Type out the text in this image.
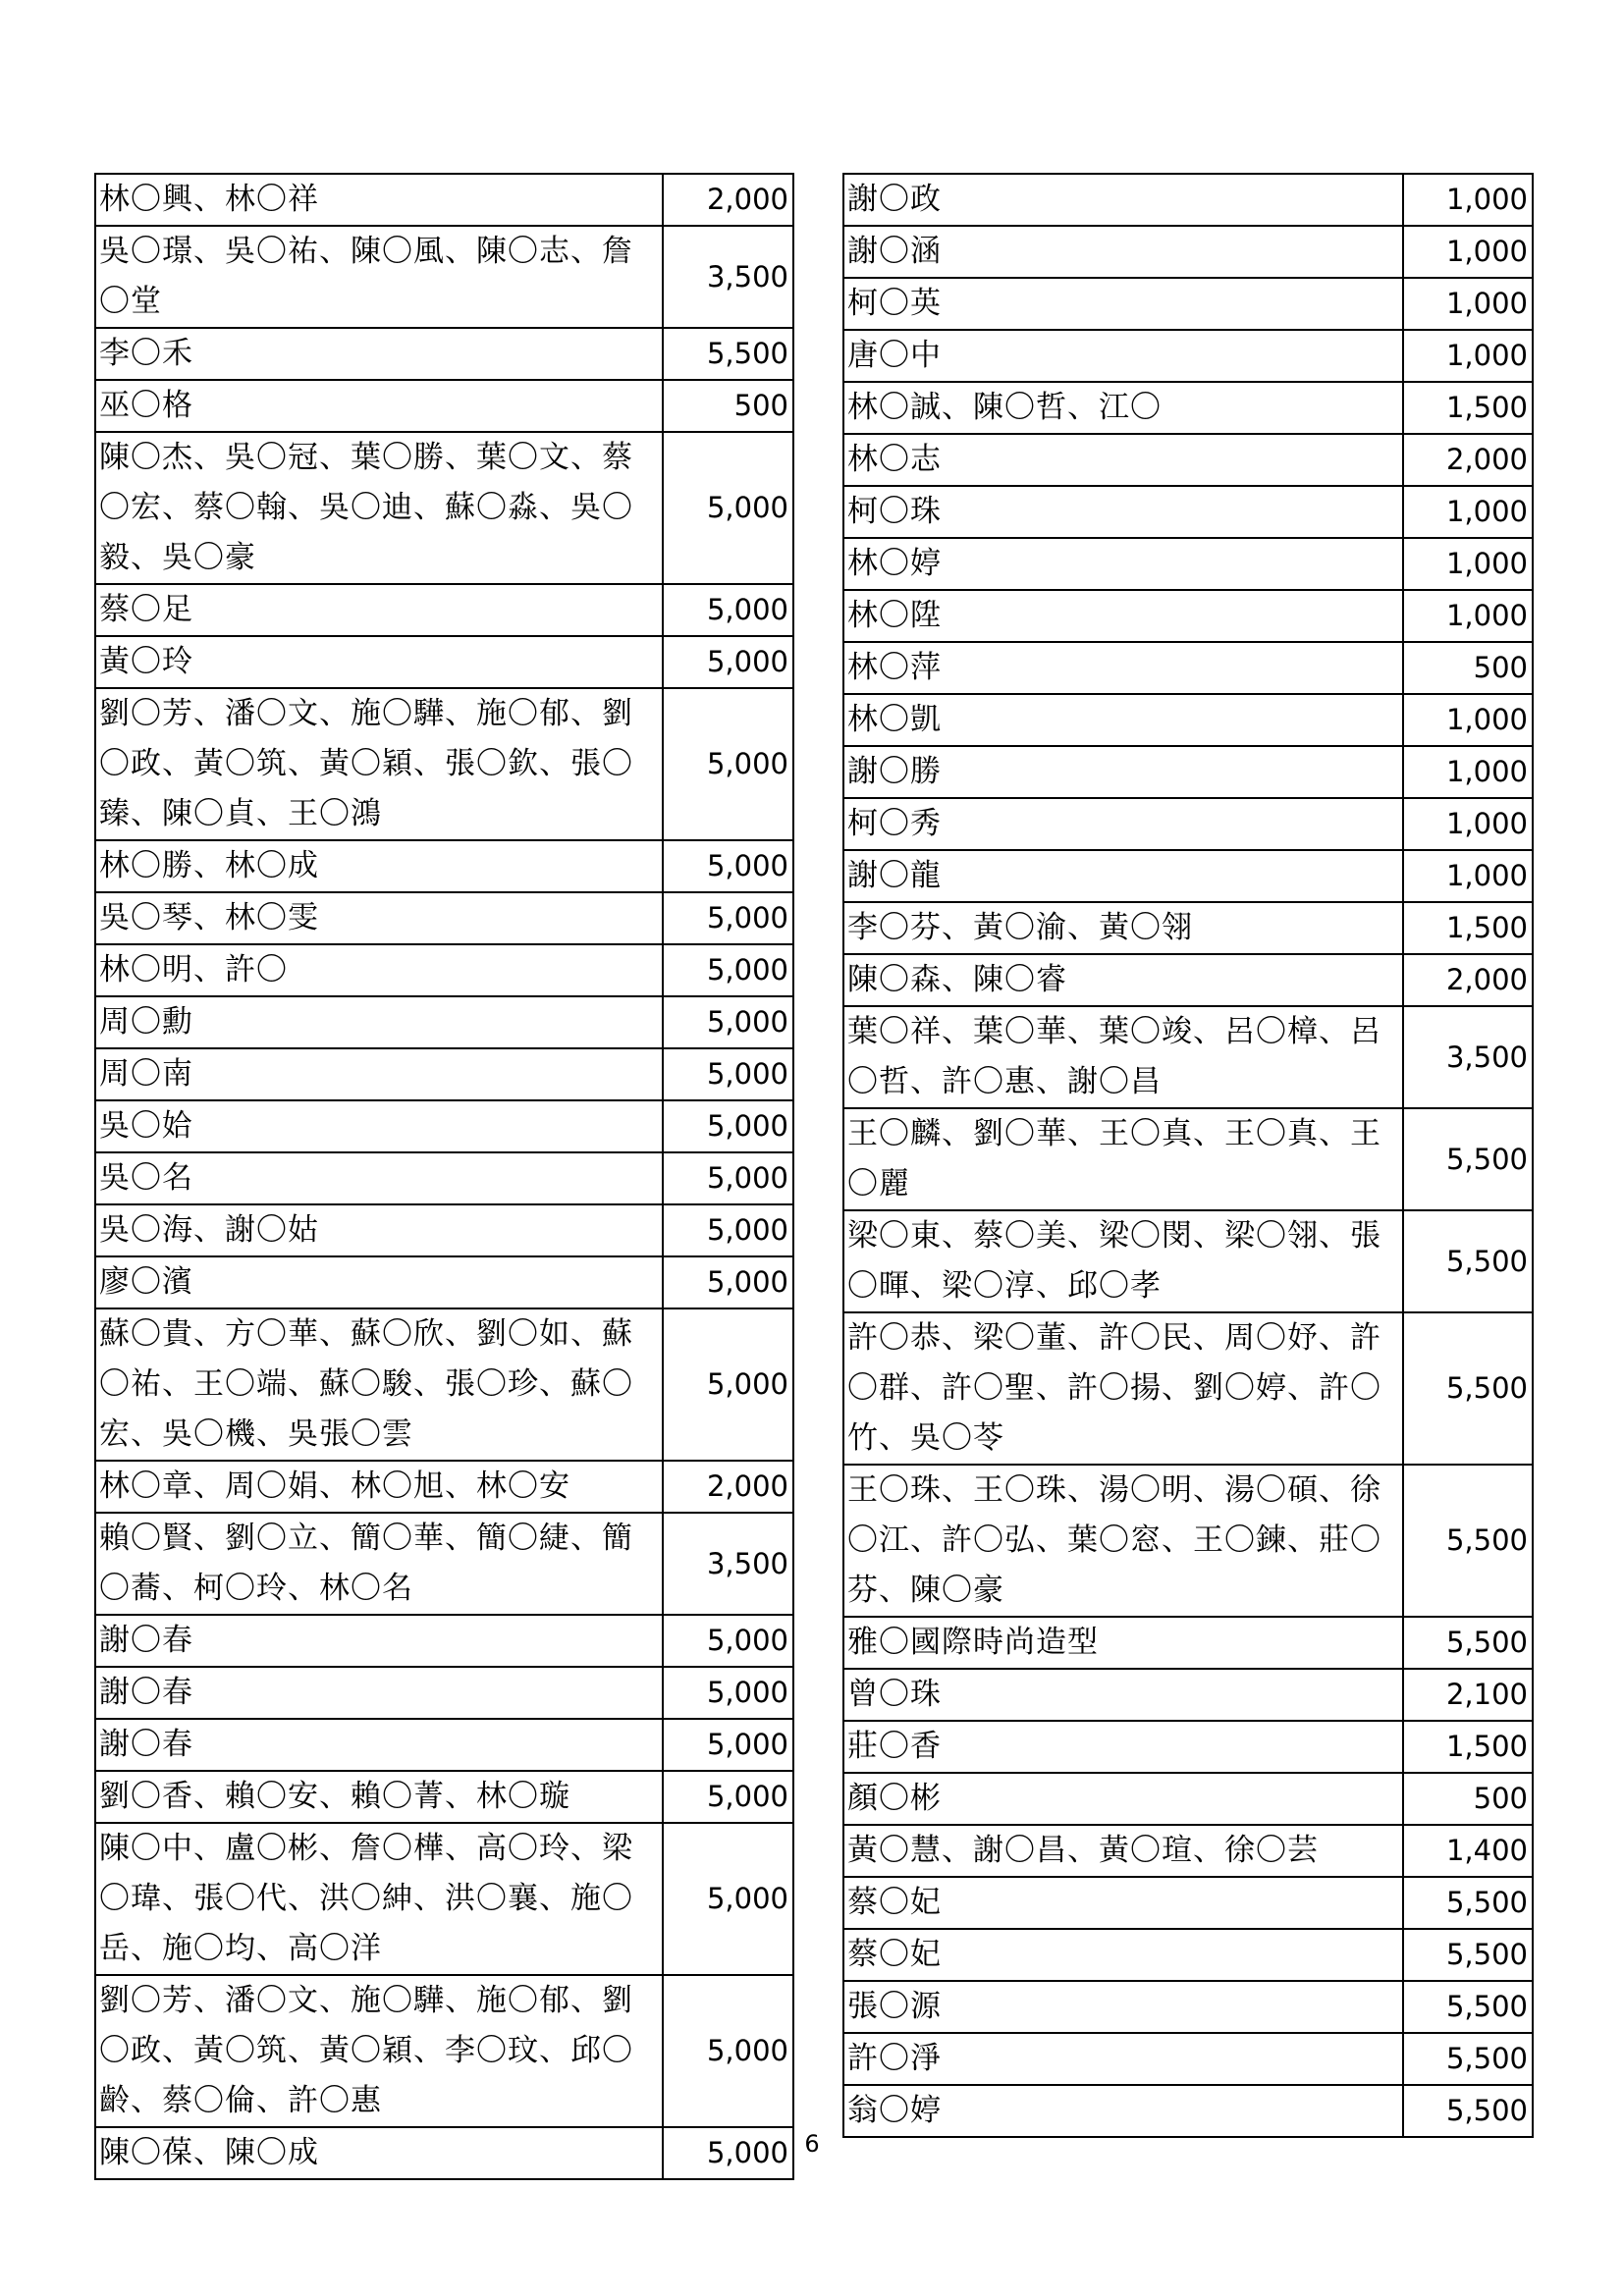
林〇興、林〇祥	2,000
吳〇璟、吳〇祐、陳〇風、陳〇志、詹〇堂	3,500
李〇禾	5,500
巫〇格	500
陳〇杰、吳〇冠、葉〇勝、葉〇文、蔡〇宏、蔡〇翰、吳〇迪、蘇〇淼、吳〇毅、吳〇豪	5,000
蔡〇足	5,000
黃〇玲	5,000
劉〇芳、潘〇文、施〇驊、施〇郁、劉〇政、黃〇筑、黃〇穎、張〇欽、張〇臻、陳〇貞、王〇鴻	5,000
林〇勝、林〇成	5,000
吳〇琴、林〇雯	5,000
林〇明、許〇	5,000
周〇勳	5,000
周〇南	5,000
吳〇姶	5,000
吳〇名	5,000
吳〇海、謝〇姑	5,000
廖〇濱	5,000
蘇〇貴、方〇華、蘇〇欣、劉〇如、蘇〇祐、王〇端、蘇〇駿、張〇珍、蘇〇宏、吳〇機、吳張〇雲	5,000
林〇章、周〇娟、林〇旭、林〇安	2,000
賴〇賢、劉〇立、簡〇華、簡〇緁、簡〇蕎、柯〇玲、林〇名	3,500
謝〇春	5,000
謝〇春	5,000
謝〇春	5,000
劉〇香、賴〇安、賴〇菁、林〇璇	5,000
陳〇中、盧〇彬、詹〇樺、高〇玲、梁〇瑋、張〇代、洪〇紳、洪〇襄、施〇岳、施〇均、高〇洋	5,000
劉〇芳、潘〇文、施〇驊、施〇郁、劉〇政、黃〇筑、黃〇穎、李〇玟、邱〇齡、蔡〇倫、許〇惠	5,000
陳〇葆、陳〇成	5,000
謝〇政	1,000
謝〇涵	1,000
柯〇英	1,000
唐〇中	1,000
林〇誠、陳〇哲、江〇	1,500
林〇志	2,000
柯〇珠	1,000
林〇婷	1,000
林〇陞	1,000
林〇萍	500
林〇凱	1,000
謝〇勝	1,000
柯〇秀	1,000
謝〇龍	1,000
李〇芬、黃〇渝、黃〇翎	1,500
陳〇森、陳〇睿	2,000
葉〇祥、葉〇華、葉〇竣、呂〇樟、呂〇哲、許〇惠、謝〇昌	3,500
王〇麟、劉〇華、王〇真、王〇真、王〇麗	5,500
梁〇東、蔡〇美、梁〇閔、梁〇翎、張〇暉、梁〇淳、邱〇孝	5,500
許〇恭、梁〇董、許〇民、周〇妤、許〇群、許〇聖、許〇揚、劉〇婷、許〇竹、吳〇苓	5,500
王〇珠、王〇珠、湯〇明、湯〇碩、徐〇江、許〇弘、葉〇窓、王〇鍊、莊〇芬、陳〇豪	5,500
雅〇國際時尚造型	5,500
曾〇珠	2,100
莊〇香	1,500
顏〇彬	500
黃〇慧、謝〇昌、黃〇瑄、徐〇芸	1,400
蔡〇妃	5,500
蔡〇妃	5,500
張〇源	5,500
許〇淨	5,500
翁〇婷	5,500
6
